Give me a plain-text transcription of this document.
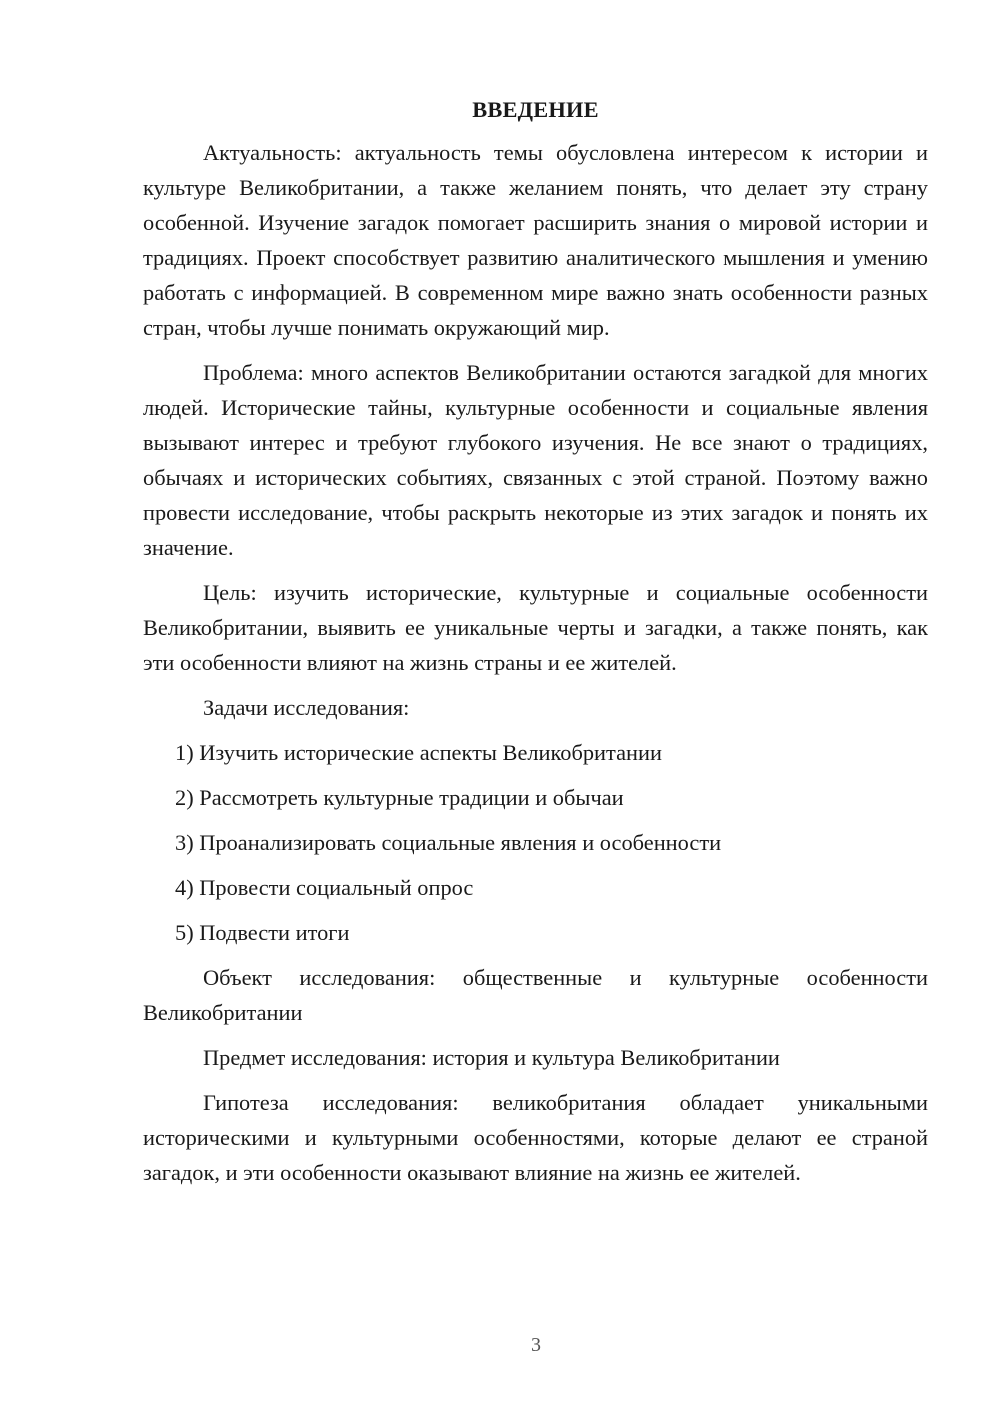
ВВЕДЕНИЕ

Актуальность: актуальность темы обусловлена интересом к истории и культуре Великобритании, а также желанием понять, что делает эту страну особенной. Изучение загадок помогает расширить знания о мировой истории и традициях. Проект способствует развитию аналитического мышления и умению работать с информацией. В современном мире важно знать особенности разных стран, чтобы лучше понимать окружающий мир.

Проблема: много аспектов Великобритании остаются загадкой для многих людей. Исторические тайны, культурные особенности и социальные явления вызывают интерес и требуют глубокого изучения. Не все знают о традициях, обычаях и исторических событиях, связанных с этой страной. Поэтому важно провести исследование, чтобы раскрыть некоторые из этих загадок и понять их значение.

Цель: изучить исторические, культурные и социальные особенности Великобритании, выявить ее уникальные черты и загадки, а также понять, как эти особенности влияют на жизнь страны и ее жителей.

Задачи исследования:
1) Изучить исторические аспекты Великобритании
2) Рассмотреть культурные традиции и обычаи
3) Проанализировать социальные явления и особенности
4) Провести социальный опрос
5) Подвести итоги

Объект исследования: общественные и культурные особенности Великобритании

Предмет исследования: история и культура Великобритании

Гипотеза исследования: великобритания обладает уникальными историческими и культурными особенностями, которые делают ее страной загадок, и эти особенности оказывают влияние на жизнь ее жителей.

3
